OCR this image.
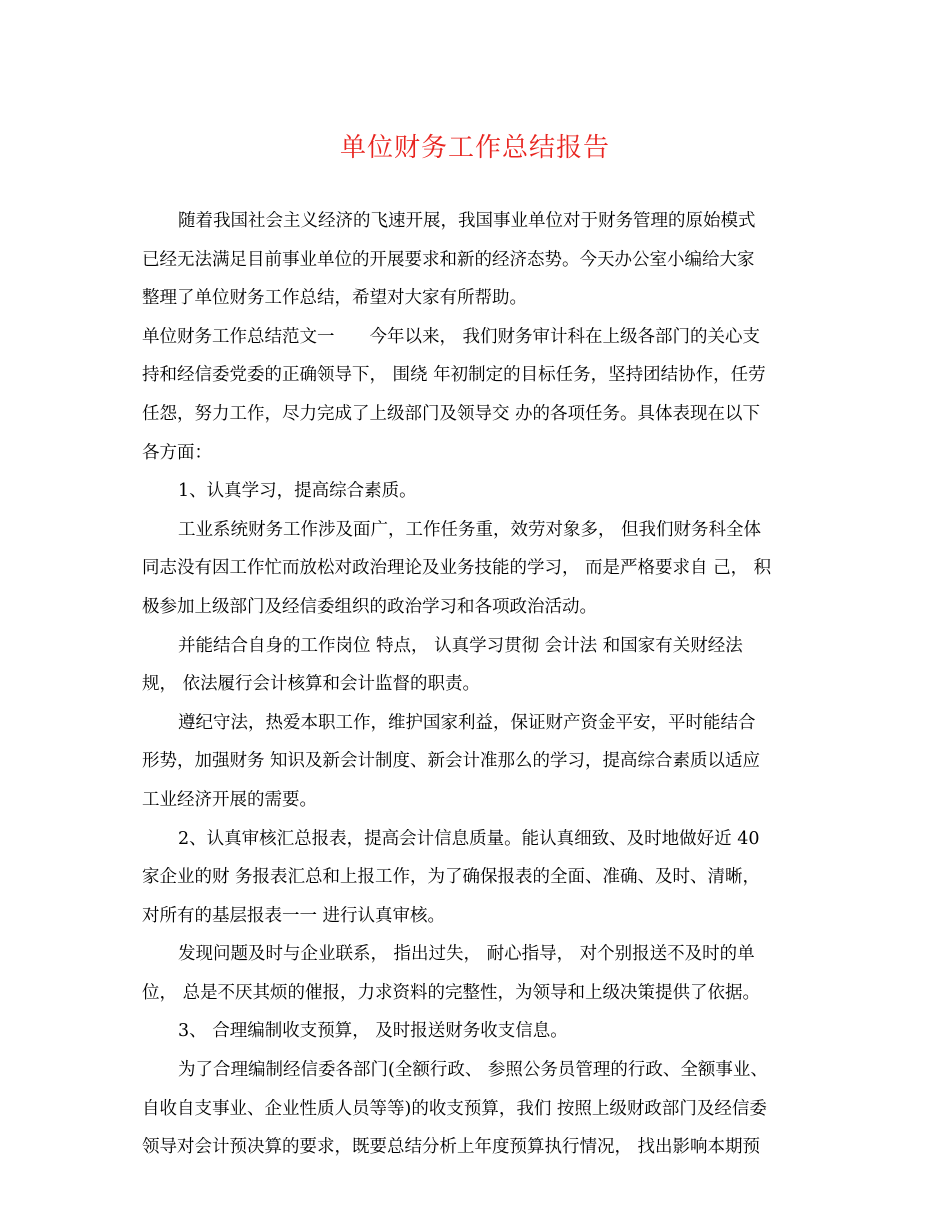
单位财务工作总结报告
随着我国社会主义经济的飞速开展，我国事业单位对于财务管理的原始模式
已经无法满足目前事业单位的开展要求和新的经济态势。今天办公室小编给大家
整理了单位财务工作总结，希望对大家有所帮助。
单位财务工作总结范文一　　今年以来， 我们财务审计科在上级各部门的关心支
持和经信委党委的正确领导下， 围绕 年初制定的目标任务，坚持团结协作，任劳
任怨，努力工作，尽力完成了上级部门及领导交 办的各项任务。具体表现在以下
各方面：
1、认真学习，提高综合素质。
工业系统财务工作涉及面广，工作任务重，效劳对象多， 但我们财务科全体
同志没有因工作忙而放松对政治理论及业务技能的学习， 而是严格要求自 己， 积
极参加上级部门及经信委组织的政治学习和各项政治活动。
并能结合自身的工作岗位 特点， 认真学习贯彻 会计法 和国家有关财经法
规， 依法履行会计核算和会计监督的职责。
遵纪守法，热爱本职工作，维护国家利益，保证财产资金平安，平时能结合
形势，加强财务 知识及新会计制度、新会计准那么的学习，提高综合素质以适应
工业经济开展的需要。
2、认真审核汇总报表，提高会计信息质量。能认真细致、及时地做好近 40
家企业的财 务报表汇总和上报工作，为了确保报表的全面、准确、及时、清晰，
对所有的基层报表一一 进行认真审核。
发现问题及时与企业联系， 指出过失， 耐心指导， 对个别报送不及时的单
位， 总是不厌其烦的催报，力求资料的完整性，为领导和上级决策提供了依据。
3、 合理编制收支预算， 及时报送财务收支信息。
为了合理编制经信委各部门(全额行政、 参照公务员管理的行政、全额事业、
自收自支事业、企业性质人员等等)的收支预算，我们 按照上级财政部门及经信委
领导对会计预决算的要求，既要总结分析上年度预算执行情况， 找出影响本期预
